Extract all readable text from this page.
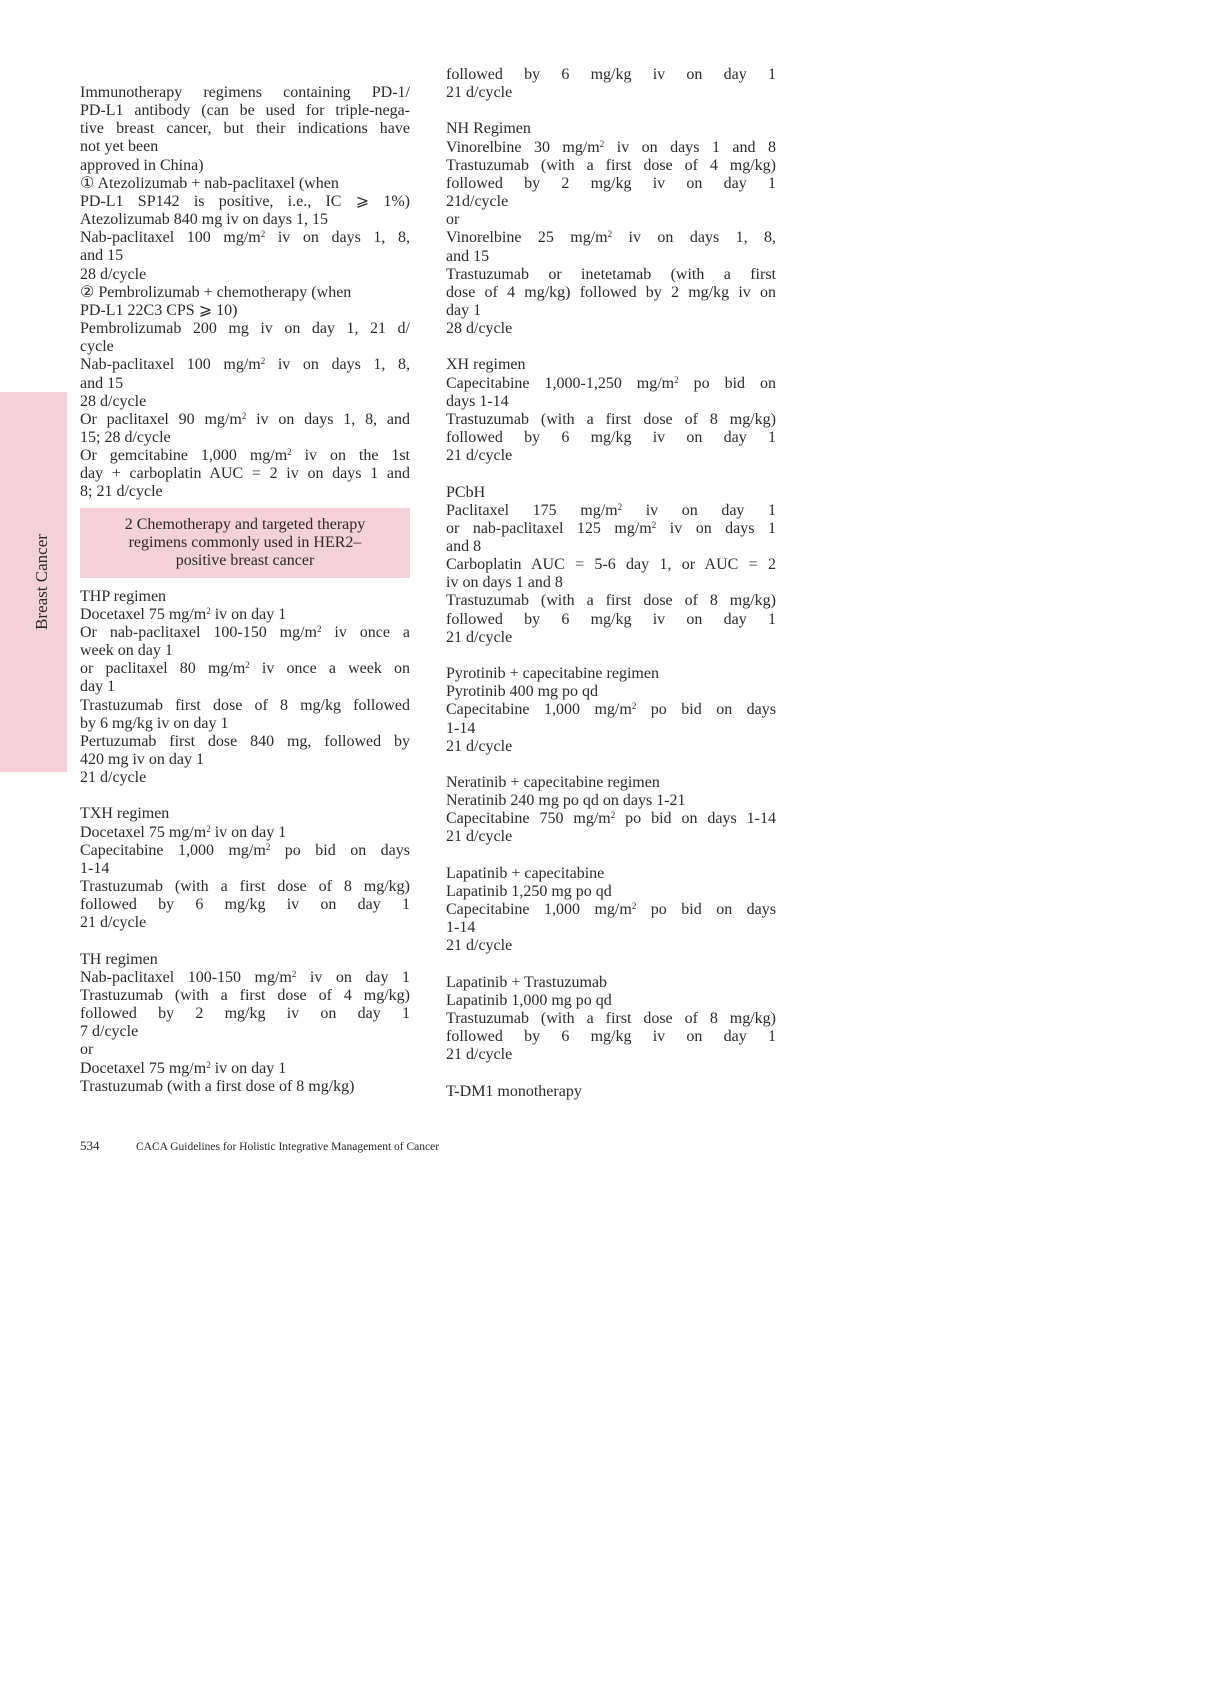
Breast Cancer
Immunotherapy regimens containing PD-1/
PD-L1 antibody (can be used for triple-nega-
tive breast cancer, but their indications have
not yet been
approved in China)
① Atezolizumab + nab-paclitaxel (when
PD-L1 SP142 is positive, i.e., IC ⩾ 1%)
Atezolizumab 840 mg iv on days 1, 15
Nab-paclitaxel 100 $mg/m^2$ iv on days 1, 8,
and 15
28 d/cycle
② Pembrolizumab + chemotherapy (when
PD-L1 22C3 CPS ⩾ 10)
Pembrolizumab 200 mg iv on day 1, 21 d/
cycle
Nab-paclitaxel 100 $mg/m^2$ iv on days 1, 8,
and 15
28 d/cycle
Or paclitaxel 90 $mg/m^2$ iv on days 1, 8, and
15; 28 d/cycle
Or gemcitabine 1,000 $mg/m^2$ iv on the 1st
day + carboplatin AUC = 2 iv on days 1 and
8; 21 d/cycle
2 Chemotherapy and targeted therapy
regimens commonly used in HER2–
positive breast cancer
THP regimen
Docetaxel 75 $mg/m^2$ iv on day 1
Or nab-paclitaxel 100-150 $mg/m^2$ iv once a
week on day 1
or paclitaxel 80 $mg/m^2$ iv once a week on
day 1
Trastuzumab first dose of 8 mg/kg followed
by 6 mg/kg iv on day 1
Pertuzumab first dose 840 mg, followed by
420 mg iv on day 1
21 d/cycle
TXH regimen
Docetaxel 75 $mg/m^2$ iv on day 1
Capecitabine 1,000 $mg/m^2$ po bid on days
1-14
Trastuzumab (with a first dose of 8 mg/kg)
followed by 6 mg/kg iv on day 1
21 d/cycle
TH regimen
Nab-paclitaxel 100-150 $mg/m^2$ iv on day 1
Trastuzumab (with a first dose of 4 mg/kg)
followed by 2 mg/kg iv on day 1
7 d/cycle
or
Docetaxel 75 $mg/m^2$ iv on day 1
Trastuzumab (with a first dose of 8 mg/kg)
followed by 6 mg/kg iv on day 1
21 d/cycle
NH Regimen
Vinorelbine 30 $mg/m^2$ iv on days 1 and 8
Trastuzumab (with a first dose of 4 mg/kg)
followed by 2 mg/kg iv on day 1
21d/cycle
or
Vinorelbine 25 $mg/m^2$ iv on days 1, 8,
and 15
Trastuzumab or inetetamab (with a first
dose of 4 mg/kg) followed by 2 mg/kg iv on
day 1
28 d/cycle
XH regimen
Capecitabine 1,000-1,250 $mg/m^2$ po bid on
days 1-14
Trastuzumab (with a first dose of 8 mg/kg)
followed by 6 mg/kg iv on day 1
21 d/cycle
PCbH
Paclitaxel 175 $mg/m^2$ iv on day 1
or nab-paclitaxel 125 $mg/m^2$ iv on days 1
and 8
Carboplatin AUC = 5-6 day 1, or AUC = 2
iv on days 1 and 8
Trastuzumab (with a first dose of 8 mg/kg)
followed by 6 mg/kg iv on day 1
21 d/cycle
Pyrotinib + capecitabine regimen
Pyrotinib 400 mg po qd
Capecitabine 1,000 $mg/m^2$ po bid on days
1-14
21 d/cycle
Neratinib + capecitabine regimen
Neratinib 240 mg po qd on days 1-21
Capecitabine 750 $mg/m^2$ po bid on days 1-14
21 d/cycle
Lapatinib + capecitabine
Lapatinib 1,250 mg po qd
Capecitabine 1,000 $mg/m^2$ po bid on days
1-14
21 d/cycle
Lapatinib + Trastuzumab
Lapatinib 1,000 mg po qd
Trastuzumab (with a first dose of 8 mg/kg)
followed by 6 mg/kg iv on day 1
21 d/cycle
T-DM1 monotherapy
534	CACA Guidelines for Holistic Integrative Management of Cancer
